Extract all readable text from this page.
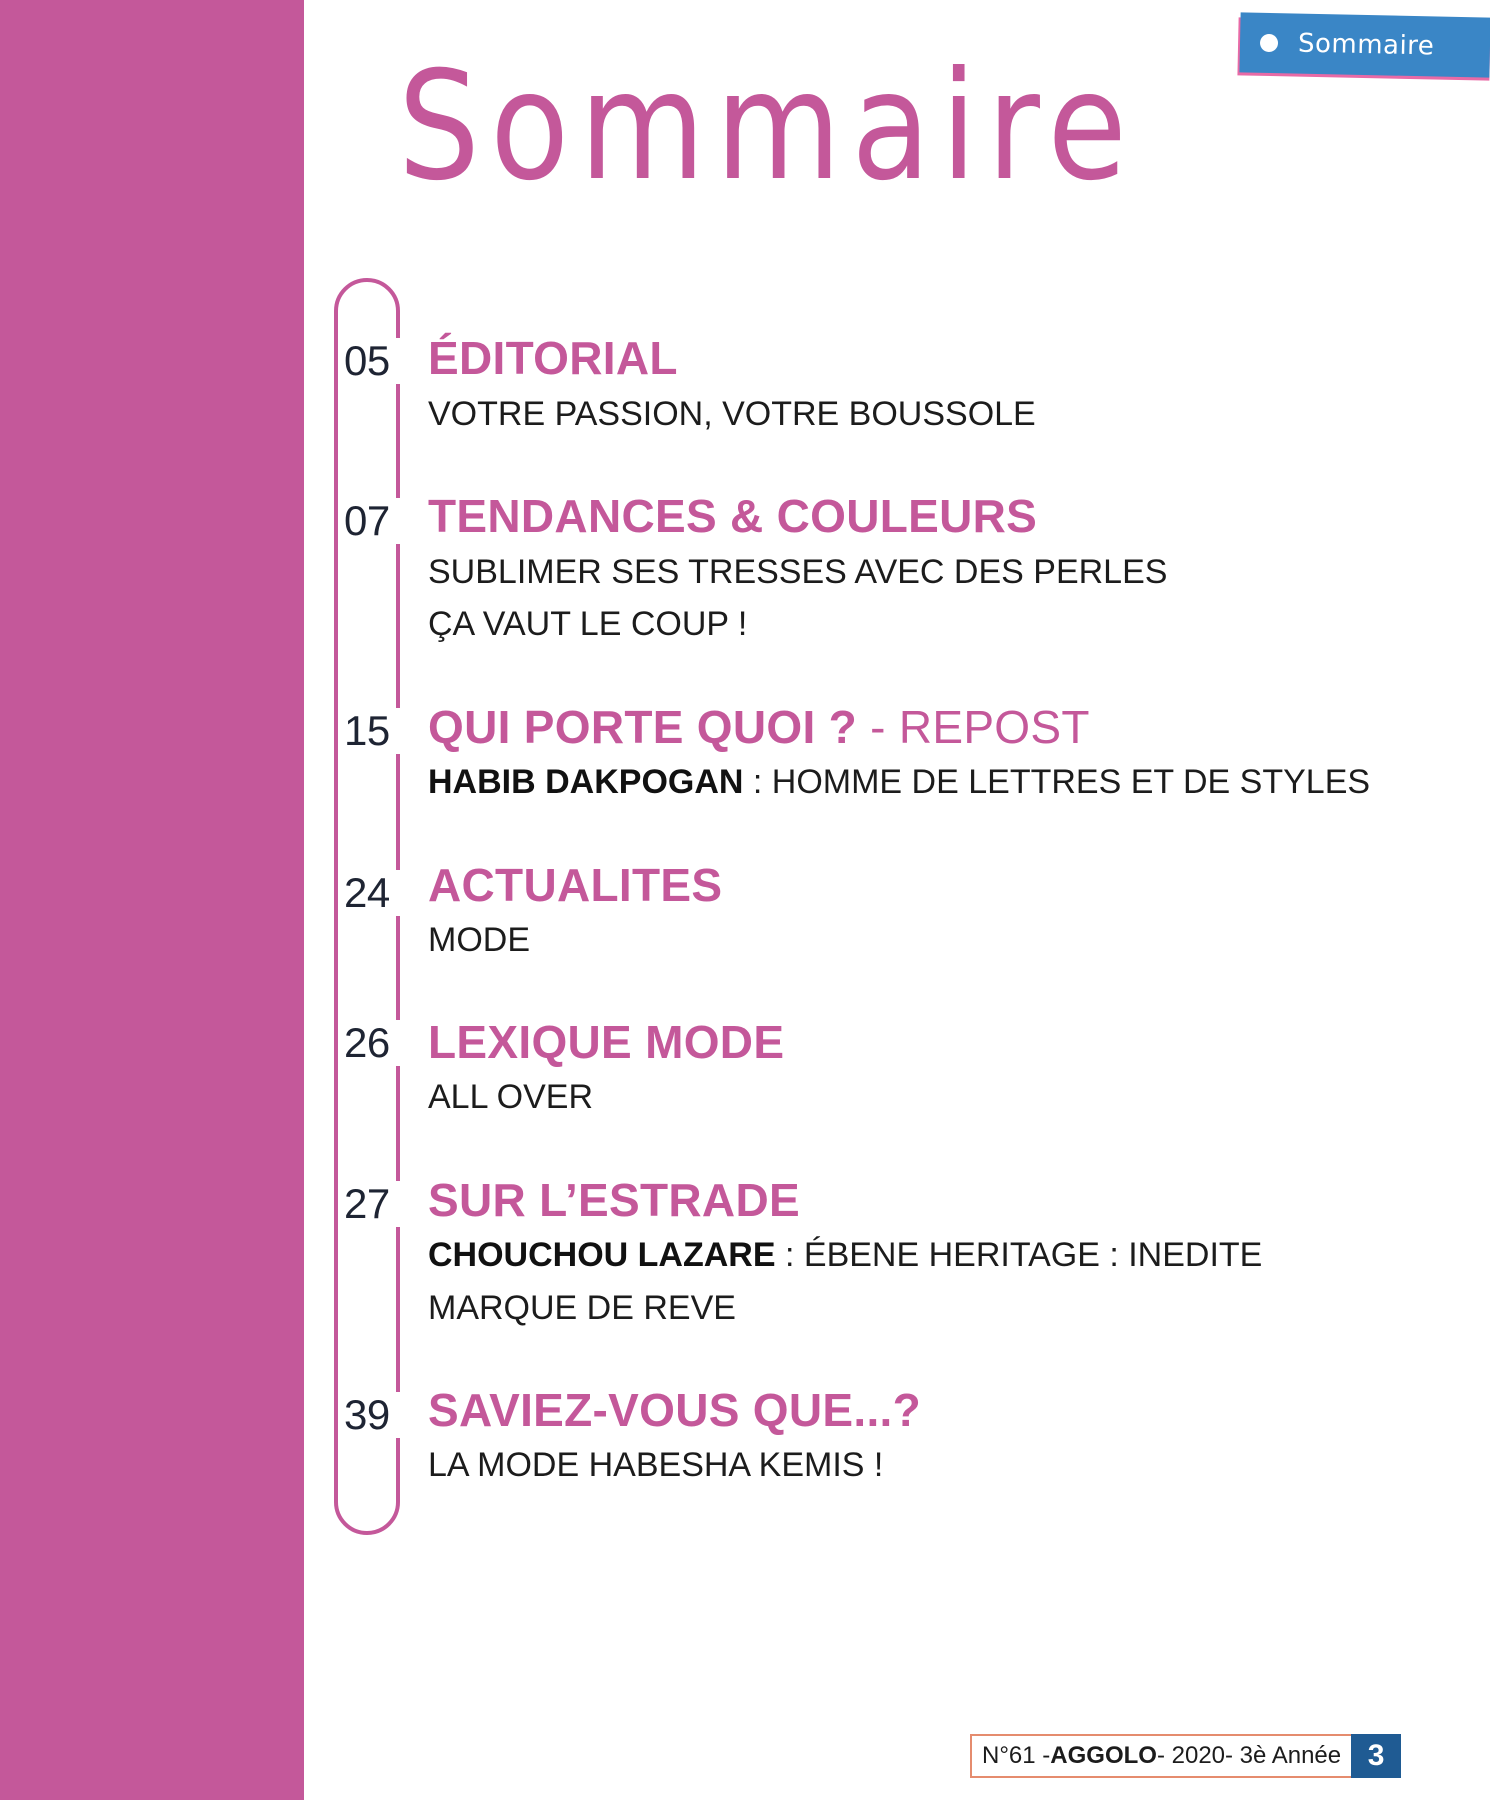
Sommaire
Sommaire
05 ÉDITORIAL
VOTRE PASSION, VOTRE BOUSSOLE
07 TENDANCES & COULEURS
SUBLIMER SES TRESSES AVEC DES PERLES
ÇA VAUT LE COUP !
15 QUI PORTE QUOI ? - REPOST
HABIB DAKPOGAN : HOMME DE LETTRES ET DE STYLES
24 ACTUALITES
MODE
26 LEXIQUE MODE
ALL OVER
27 SUR L’ESTRADE
CHOUCHOU LAZARE : ÉBENE HERITAGE : INEDITE
MARQUE DE REVE
39 SAVIEZ-VOUS QUE...?
LA MODE HABESHA KEMIS !
N°61 - AGGOLO - 2020- 3è Année 3
